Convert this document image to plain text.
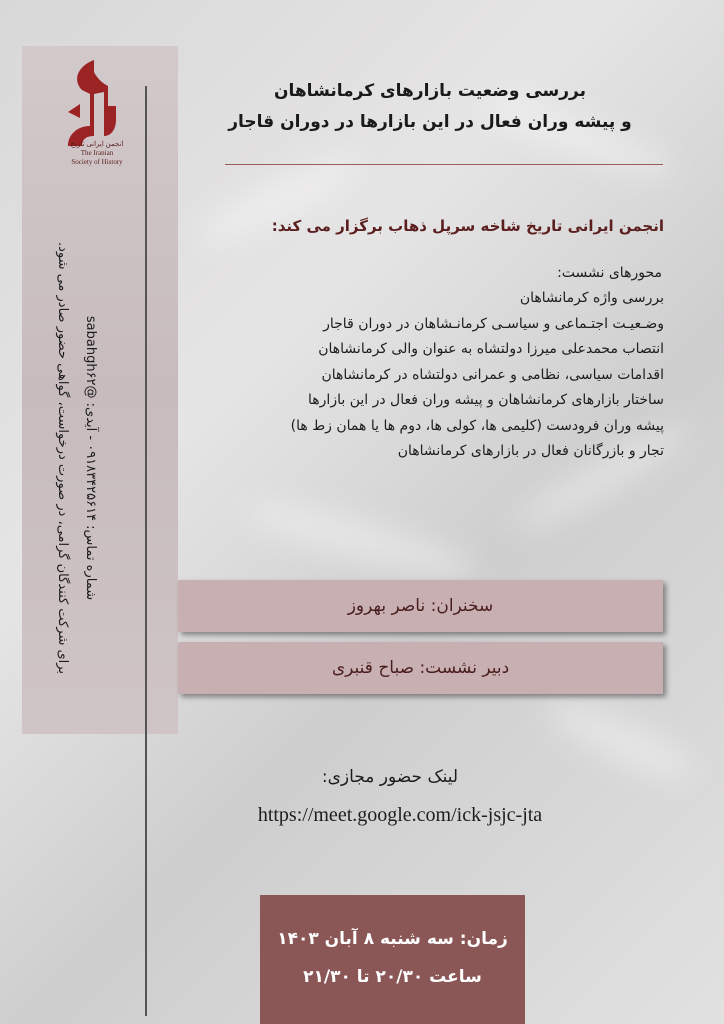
انجمن ایرانی تاریخ
The Iranian
Society of History
برای شرکت کنندگان گرامی، در صورت درخواست، گواهی حضور صادر می شود.	شماره تماس: ۰۹۱۸۳۴۲۵۶۱۴ - آیدی: @sabahgh۶۲
بررسی وضعیت بازارهای کرمانشاهان
و پیشه وران فعال در این بازارها در دوران قاجار
انجمن ایرانی تاریخ شاخه سرپل ذهاب برگزار می کند:
محورهای نشست:
بررسی واژه کرمانشاهان
وضـعیـت اجتـماعی و سیاسـی کرمانـشاهان در دوران قاجار
انتصاب محمدعلی میرزا دولتشاه به عنوان والی کرمانشاهان
اقدامات سیاسی، نظامی و عمرانی دولتشاه در کرمانشاهان
ساختار بازارهای کرمانشاهان و پیشه وران فعال در این بازارها
پیشه وران فرودست (کلیمی ها، کولی ها، دوم ها یا همان زط ها)
تجار و بازرگانان فعال در بازارهای کرمانشاهان
سخنران: ناصر بهروز
دبیر نشست: صباح قنبری
لینک حضور مجازی:
https://meet.google.com/ick-jsjc-jta
زمان: سه شنبه ۸ آبان ۱۴۰۳
ساعت ۲۰/۳۰ تا ۲۱/۳۰
